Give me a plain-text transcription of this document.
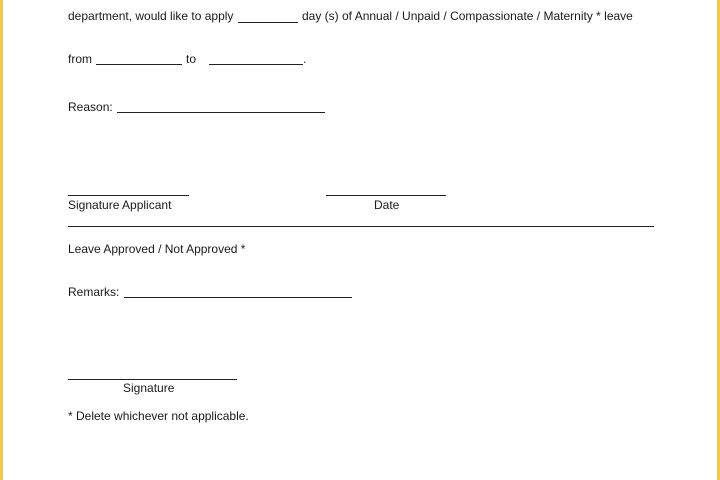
department, would like to apply	day (s) of Annual / Unpaid / Compassionate / Maternity * leave
from	to	.
Reason:
Signature Applicant	Date
Leave Approved / Not Approved *
Remarks:
Signature
* Delete whichever not applicable.
